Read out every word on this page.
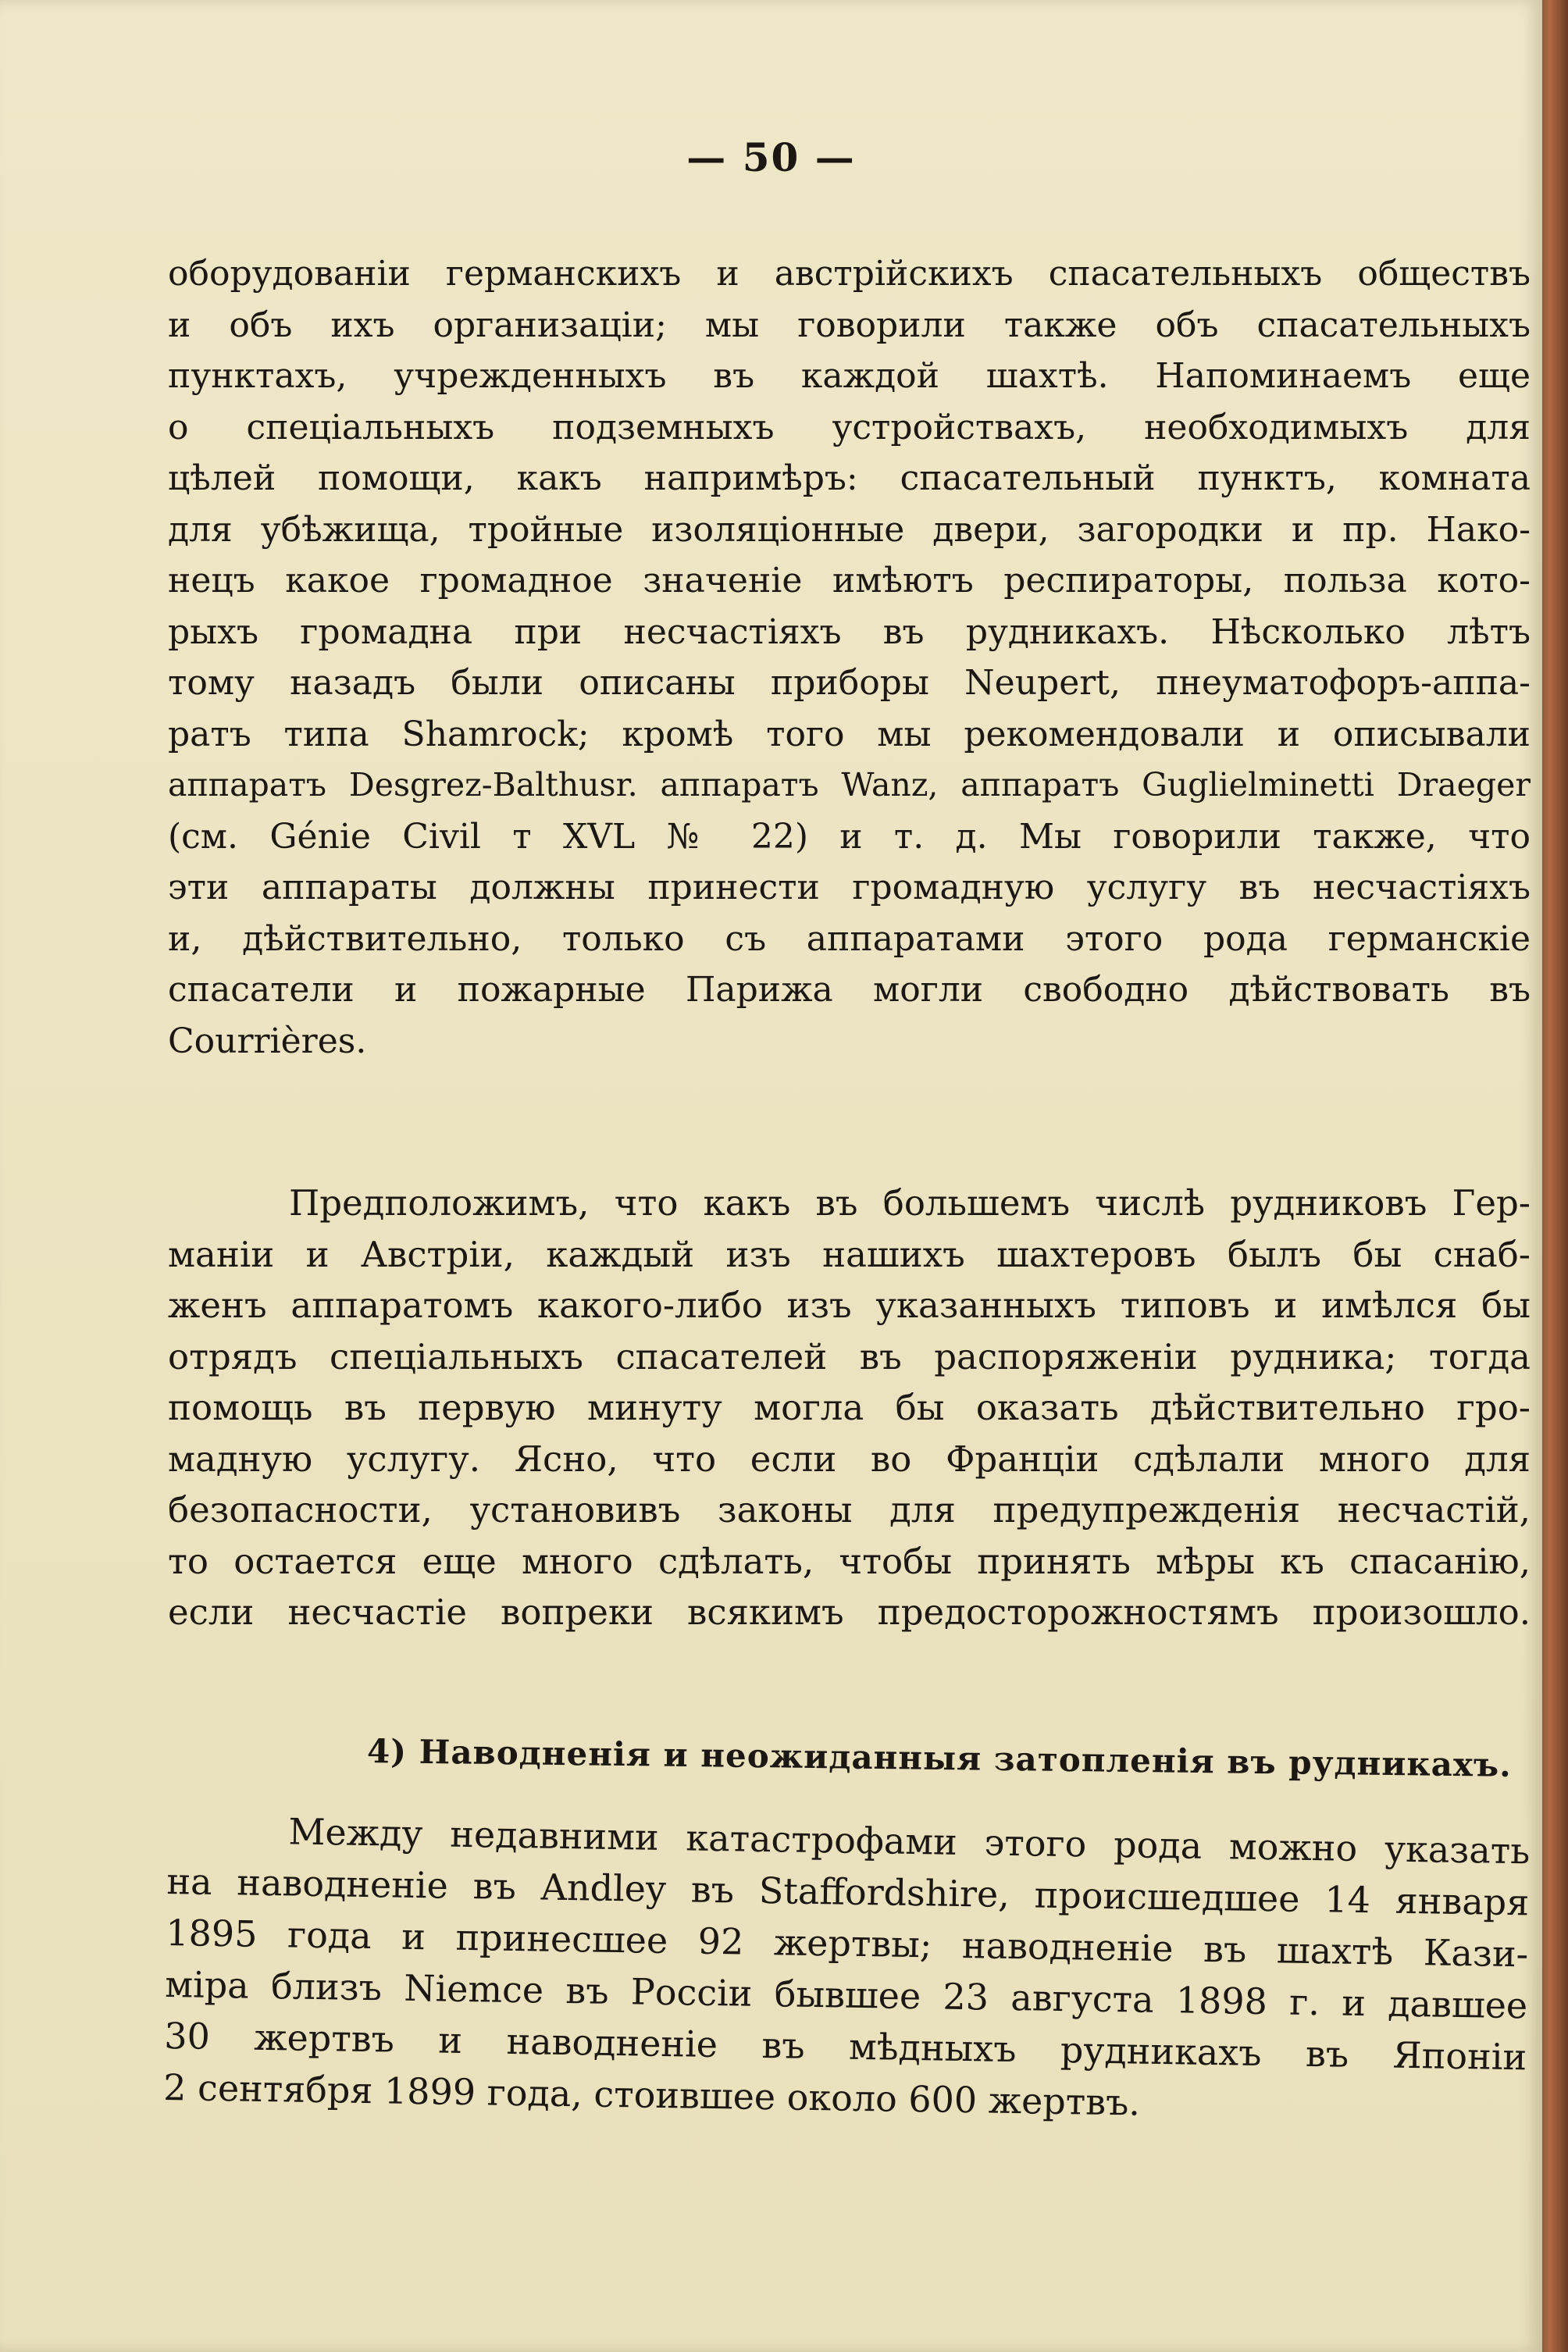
— 50 —
оборудованіи германскихъ и австрійскихъ спасательныхъ обществъ
и объ ихъ организаціи; мы говорили также объ спасательныхъ
пунктахъ, учрежденныхъ въ каждой шахтѣ. Напоминаемъ еще
о спеціальныхъ подземныхъ устройствахъ, необходимыхъ для
цѣлей помощи, какъ напримѣръ: спасательный пунктъ, комната
для убѣжища, тройные изоляціонные двери, загородки и пр. Нако-
нецъ какое громадное значеніе имѣютъ респираторы, польза кото-
рыхъ громадна при несчастіяхъ въ рудникахъ. Нѣсколько лѣтъ
тому назадъ были описаны приборы Neupert, пнеуматофоръ-аппа-
ратъ типа Shamrock; кромѣ того мы рекомендовали и описывали
аппаратъ Desgrez-Balthusr. аппаратъ Wanz, аппаратъ Guglielminetti Draeger
(см. Génie Civil т XVL № 22) и т. д. Мы говорили также, что
эти аппараты должны принести громадную услугу въ несчастіяхъ
и, дѣйствительно, только съ аппаратами этого рода германскіе
спасатели и пожарные Парижа могли свободно дѣйствовать въ
Courrières.
Предположимъ, что какъ въ большемъ числѣ рудниковъ Гер-
маніи и Австріи, каждый изъ нашихъ шахтеровъ былъ бы снаб-
женъ аппаратомъ какого-либо изъ указанныхъ типовъ и имѣлся бы
отрядъ спеціальныхъ спасателей въ распоряженіи рудника; тогда
помощь въ первую минуту могла бы оказать дѣйствительно гро-
мадную услугу. Ясно, что если во Франціи сдѣлали много для
безопасности, установивъ законы для предупрежденія несчастій,
то остается еще много сдѣлать, чтобы принять мѣры къ спасанію,
если несчастіе вопреки всякимъ предосторожностямъ произошло.
4) Наводненія и неожиданныя затопленія въ рудникахъ.
Между недавними катастрофами этого рода можно указать
на наводненіе въ Andley въ Staffordshire, происшедшее 14 января
1895 года и принесшее 92 жертвы; наводненіе въ шахтѣ Кази-
міра близъ Niemce въ Россіи бывшее 23 августа 1898 г. и давшее
30 жертвъ и наводненіе въ мѣдныхъ рудникахъ въ Японіи
2 сентября 1899 года, стоившее около 600 жертвъ.
